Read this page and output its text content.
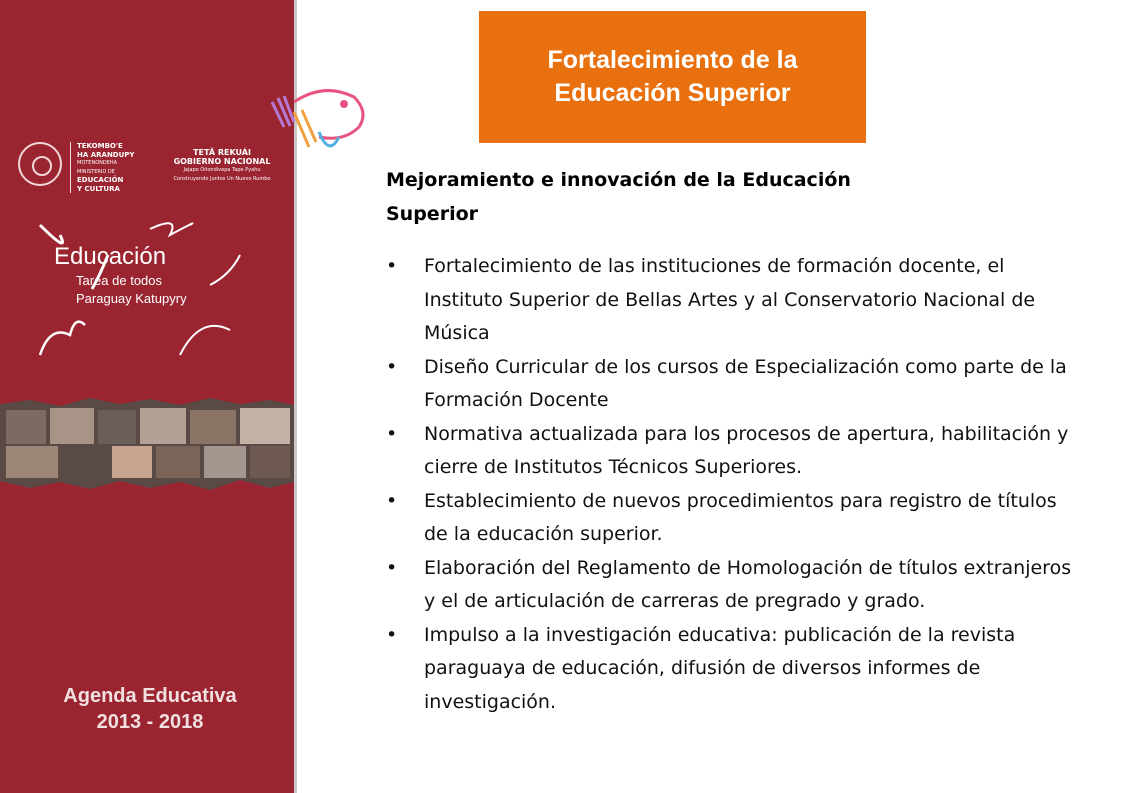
TEKOMBO'E
HA ARANDUPY
MOTENONDEHA
MINISTERIO DE
EDUCACIÓN
Y CULTURA
TETÃ REKUÁI
GOBIERNO NACIONAL
Jajapo Oñondivepa Tape Pyahu
Construyendo Juntos Un Nuevo Rumbo
Educación
Tarea de todos
Paraguay Katupyry
Agenda Educativa
2013 - 2018
Fortalecimiento de la
Educación Superior
Mejoramiento e innovación de la Educación Superior
• Fortalecimiento de las instituciones de formación docente, el Instituto Superior de Bellas Artes y al Conservatorio Nacional de Música
• Diseño Curricular de los cursos de Especialización como parte de la Formación Docente
• Normativa actualizada para los procesos de apertura, habilitación y cierre de Institutos Técnicos Superiores.
• Establecimiento de nuevos procedimientos para registro de títulos de la educación superior.
• Elaboración del Reglamento de Homologación de títulos extranjeros y el de articulación de carreras de pregrado y grado.
• Impulso a la investigación educativa: publicación de la revista paraguaya de educación, difusión de diversos informes de investigación.
